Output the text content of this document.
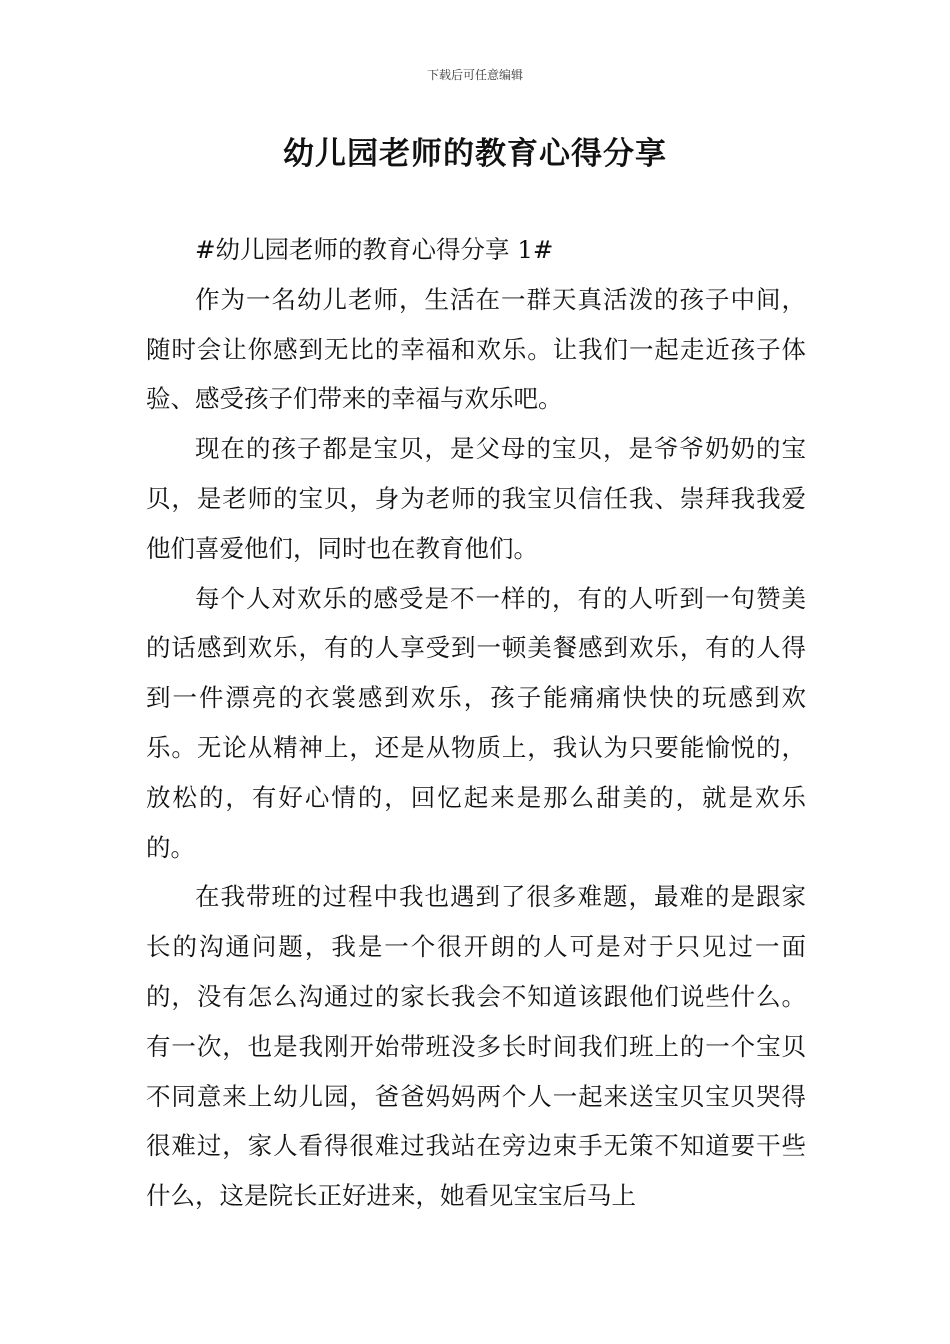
下载后可任意编辑
幼儿园老师的教育心得分享

#幼儿园老师的教育心得分享 1#

作为一名幼儿老师，生活在一群天真活泼的孩子中间，随时会让你感到无比的幸福和欢乐。让我们一起走近孩子体验、感受孩子们带来的幸福与欢乐吧。

现在的孩子都是宝贝，是父母的宝贝，是爷爷奶奶的宝贝，是老师的宝贝，身为老师的我宝贝信任我、崇拜我我爱他们喜爱他们，同时也在教育他们。

每个人对欢乐的感受是不一样的，有的人听到一句赞美的话感到欢乐，有的人享受到一顿美餐感到欢乐，有的人得到一件漂亮的衣裳感到欢乐，孩子能痛痛快快的玩感到欢乐。无论从精神上，还是从物质上，我认为只要能愉悦的，放松的，有好心情的，回忆起来是那么甜美的，就是欢乐的。

在我带班的过程中我也遇到了很多难题，最难的是跟家长的沟通问题，我是一个很开朗的人可是对于只见过一面的，没有怎么沟通过的家长我会不知道该跟他们说些什么。有一次，也是我刚开始带班没多长时间我们班上的一个宝贝不同意来上幼儿园，爸爸妈妈两个人一起来送宝贝宝贝哭得很难过，家人看得很难过我站在旁边束手无策不知道要干些什么，这是院长正好进来，她看见宝宝后马上
